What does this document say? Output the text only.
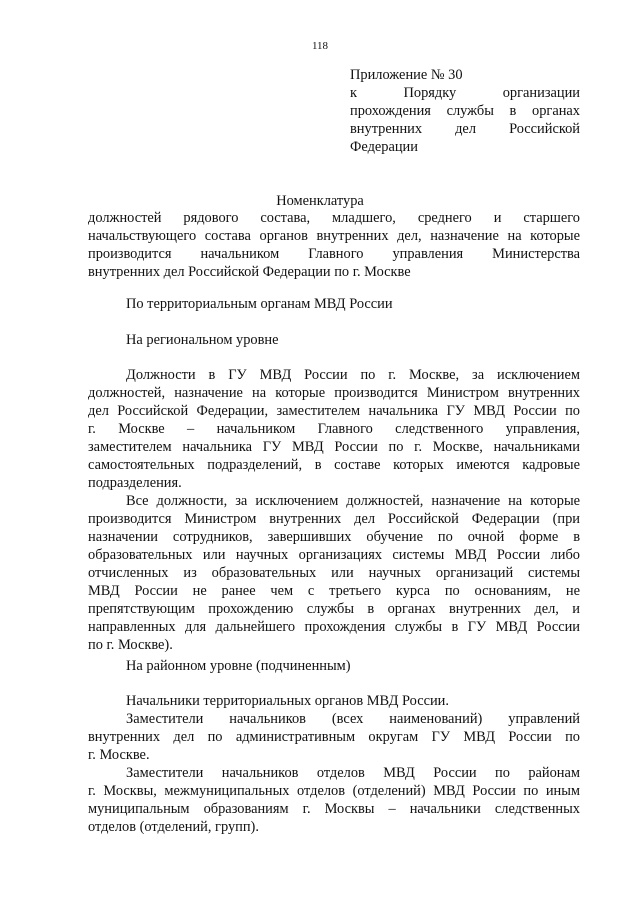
118
Приложение № 30
к Порядку организации
прохождения службы в органах
внутренних дел Российской
Федерации
Номенклатура
должностей рядового состава, младшего, среднего и старшего
начальствующего состава органов внутренних дел, назначение на которые
производится начальником Главного управления Министерства
внутренних дел Российской Федерации по г. Москве
По территориальным органам МВД России
На региональном уровне
Должности в ГУ МВД России по г. Москве, за исключением
должностей, назначение на которые производится Министром внутренних
дел Российской Федерации, заместителем начальника ГУ МВД России по
г. Москве – начальником Главного следственного управления,
заместителем начальника ГУ МВД России по г. Москве, начальниками
самостоятельных подразделений, в составе которых имеются кадровые
подразделения.
Все должности, за исключением должностей, назначение на которые
производится Министром внутренних дел Российской Федерации (при
назначении сотрудников, завершивших обучение по очной форме в
образовательных или научных организациях системы МВД России либо
отчисленных из образовательных или научных организаций системы
МВД России не ранее чем с третьего курса по основаниям, не
препятствующим прохождению службы в органах внутренних дел, и
направленных для дальнейшего прохождения службы в ГУ МВД России
по г. Москве).
На районном уровне (подчиненным)
Начальники территориальных органов МВД России.
Заместители начальников (всех наименований) управлений
внутренних дел по административным округам ГУ МВД России по
г. Москве.
Заместители начальников отделов МВД России по районам
г. Москвы, межмуниципальных отделов (отделений) МВД России по иным
муниципальным образованиям г. Москвы – начальники следственных
отделов (отделений, групп).
